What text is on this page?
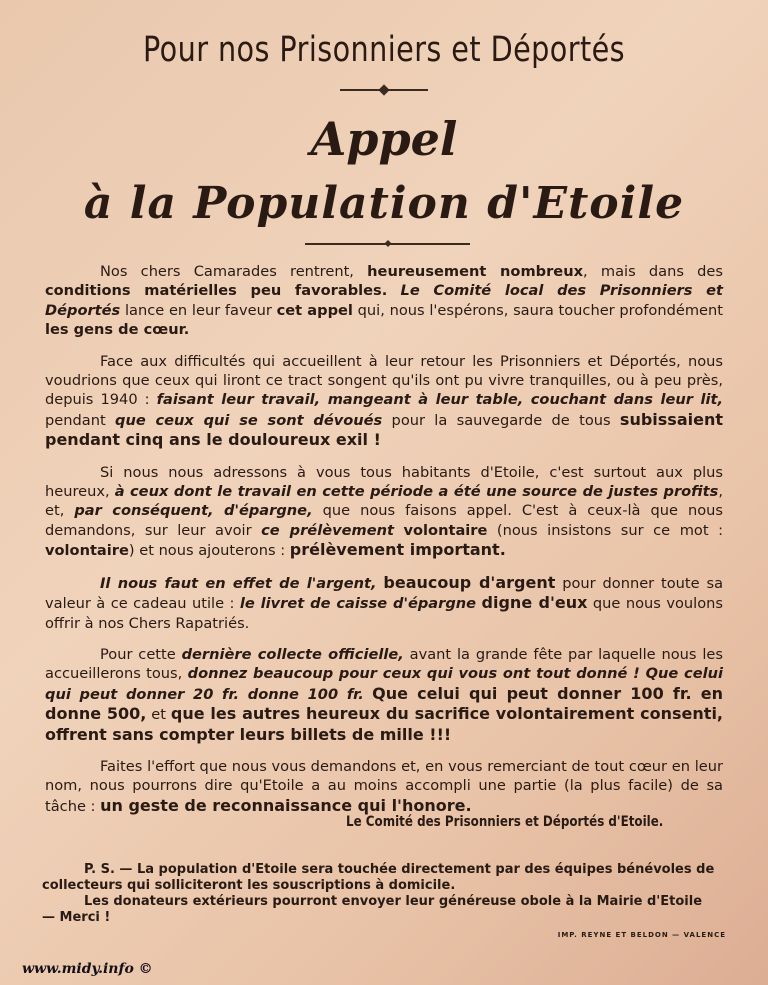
Pour nos Prisonniers et Déportés
Appel
à la Population d'Etoile

Nos chers Camarades rentrent, heureusement nombreux, mais dans des conditions matérielles peu favorables. Le Comité local des Prisonniers et Déportés lance en leur faveur cet appel qui, nous l'espérons, saura toucher profondément les gens de cœur.

Face aux difficultés qui accueillent à leur retour les Prisonniers et Déportés, nous voudrions que ceux qui liront ce tract songent qu'ils ont pu vivre tranquilles, ou à peu près, depuis 1940 : faisant leur travail, mangeant à leur table, couchant dans leur lit, pendant que ceux qui se sont dévoués pour la sauvegarde de tous subissaient pendant cinq ans le douloureux exil !

Si nous nous adressons à vous tous habitants d'Etoile, c'est surtout aux plus heureux, à ceux dont le travail en cette période a été une source de justes profits, et, par conséquent, d'épargne, que nous faisons appel. C'est à ceux-là que nous demandons, sur leur avoir ce prélèvement volontaire (nous insistons sur ce mot : volontaire) et nous ajouterons : prélèvement important.

Il nous faut en effet de l'argent, beaucoup d'argent pour donner toute sa valeur à ce cadeau utile : le livret de caisse d'épargne digne d'eux que nous voulons offrir à nos Chers Rapatriés.

Pour cette dernière collecte officielle, avant la grande fête par laquelle nous les accueillerons tous, donnez beaucoup pour ceux qui vous ont tout donné ! Que celui qui peut donner 20 fr. donne 100 fr. Que celui qui peut donner 100 fr. en donne 500, et que les autres heureux du sacrifice volontairement consenti, offrent sans compter leurs billets de mille !!!

Faites l'effort que nous vous demandons et, en vous remerciant de tout cœur en leur nom, nous pourrons dire qu'Etoile a au moins accompli une partie (la plus facile) de sa tâche : un geste de reconnaissance qui l'honore.

Le Comité des Prisonniers et Déportés d'Etoile.
P. S. — La population d'Etoile sera touchée directement par des équipes bénévoles de
collecteurs qui solliciteront les souscriptions à domicile.
Les donateurs extérieurs pourront envoyer leur généreuse obole à la Mairie d'Etoile
— Merci !
IMP. REYNE ET BELDON — VALENCE
www.midy.info ©
